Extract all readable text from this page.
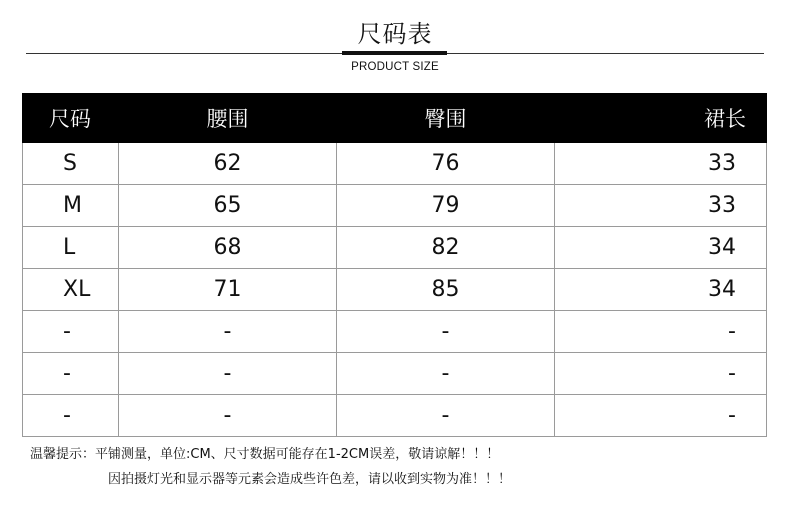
尺码表
PRODUCT SIZE
尺码	腰围	臀围	裙长
S	62	76	33
M	65	79	33
L	68	82	34
XL	71	85	34
-	-	-	-
-	-	-	-
-	-	-	-
温馨提示：平铺测量，单位:CM、尺寸数据可能存在1-2CM误差，敬请谅解！！！
因拍摄灯光和显示器等元素会造成些许色差，请以收到实物为准！！！
